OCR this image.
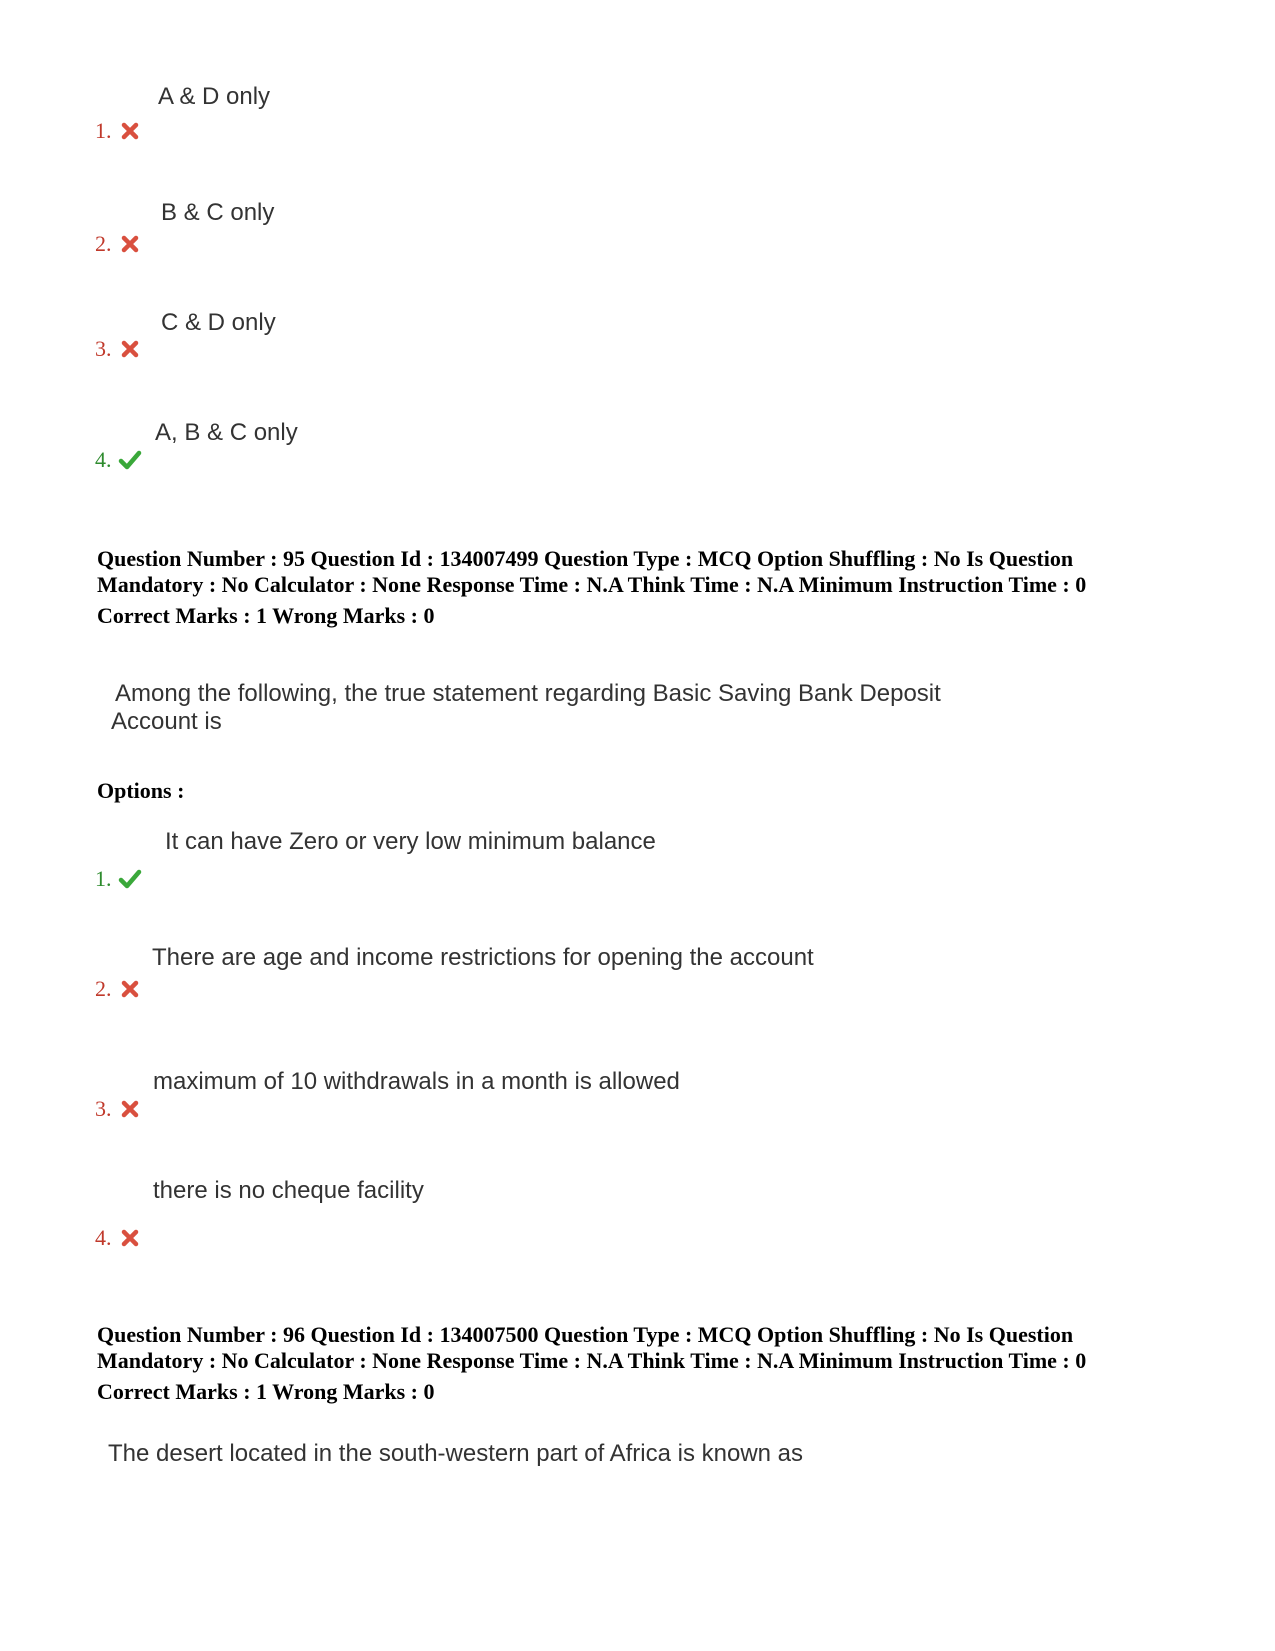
A & D only
1.
B & C only
2.
C & D only
3.
A, B & C only
4.
Question Number : 95 Question Id : 134007499 Question Type : MCQ Option Shuffling : No Is Question
Mandatory : No Calculator : None Response Time : N.A Think Time : N.A Minimum Instruction Time : 0
Correct Marks : 1 Wrong Marks : 0
Among the following, the true statement regarding Basic Saving Bank Deposit
Account is
Options :
It can have Zero or very low minimum balance
1.
There are age and income restrictions for opening the account
2.
maximum of 10 withdrawals in a month is allowed
3.
there is no cheque facility
4.
Question Number : 96 Question Id : 134007500 Question Type : MCQ Option Shuffling : No Is Question
Mandatory : No Calculator : None Response Time : N.A Think Time : N.A Minimum Instruction Time : 0
Correct Marks : 1 Wrong Marks : 0
The desert located in the south-western part of Africa is known as
